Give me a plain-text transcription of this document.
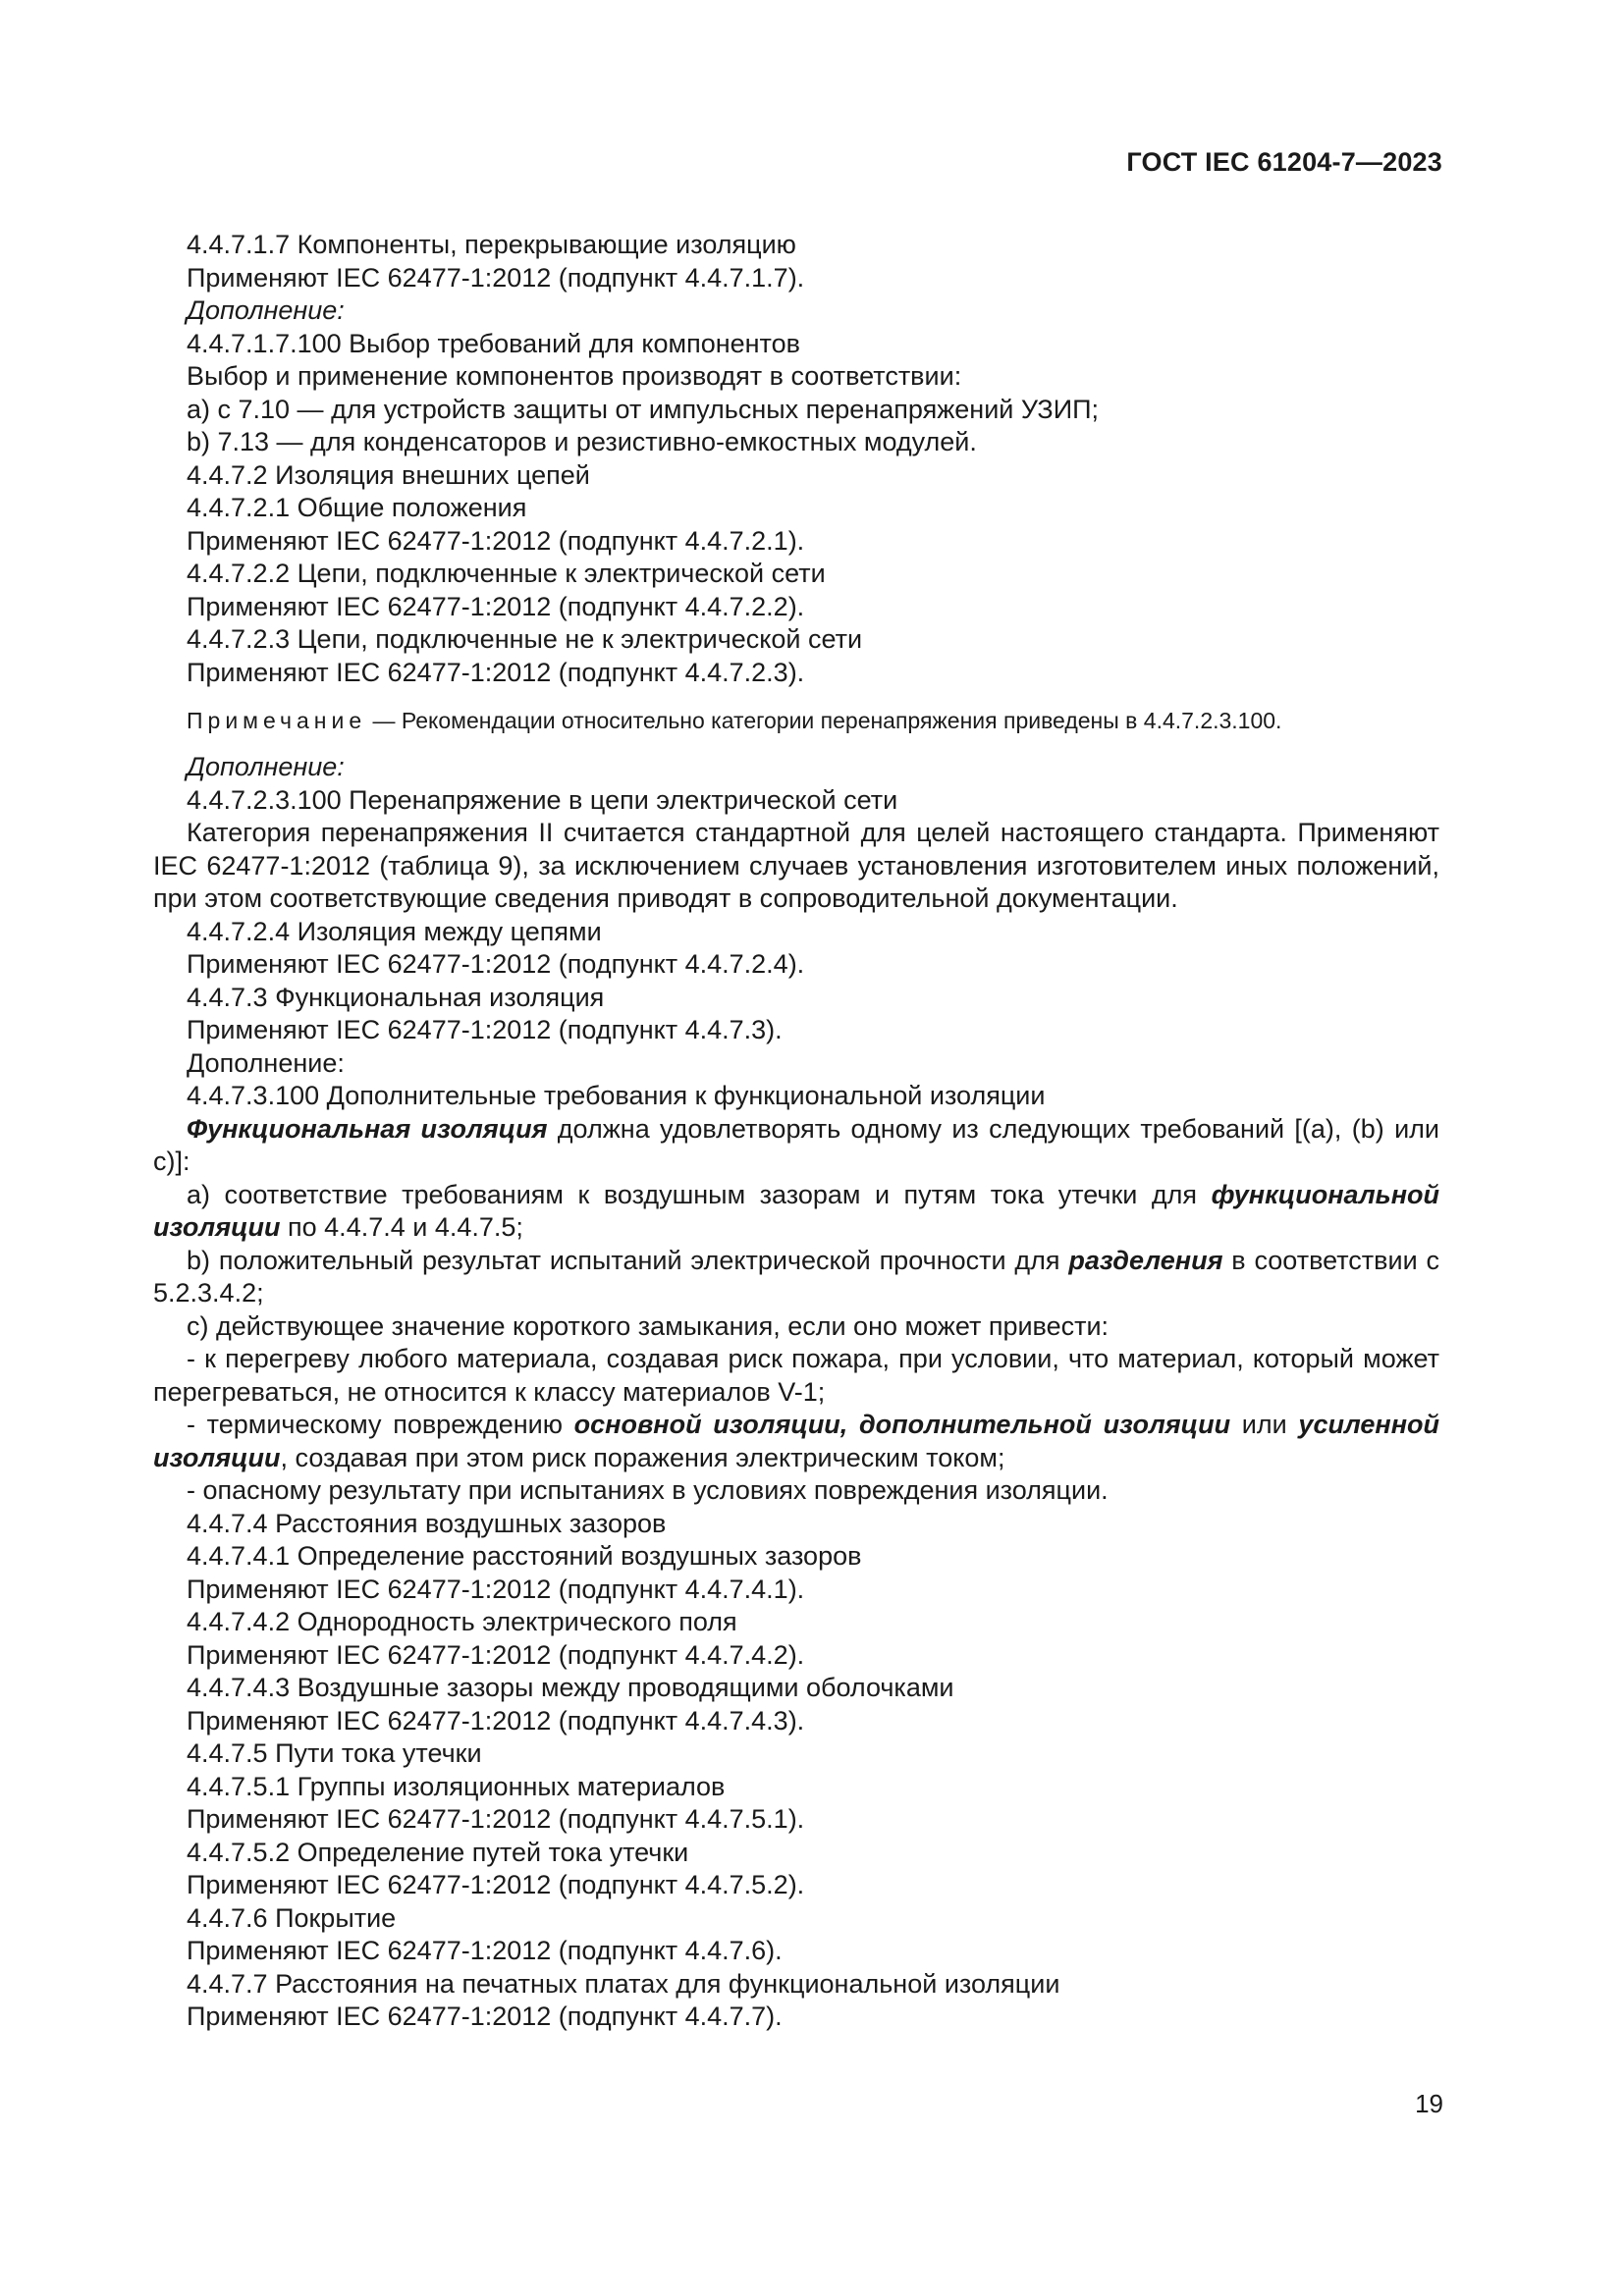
ГОСТ IEC 61204-7—2023

4.4.7.1.7 Компоненты, перекрывающие изоляцию

Применяют IEC 62477-1:2012 (подпункт 4.4.7.1.7).

Дополнение:

4.4.7.1.7.100 Выбор требований для компонентов

Выбор и применение компонентов производят в соответствии:

а) с 7.10 — для устройств защиты от импульсных перенапряжений УЗИП;

b) 7.13 — для конденсаторов и резистивно-емкостных модулей.

4.4.7.2 Изоляция внешних цепей

4.4.7.2.1 Общие положения

Применяют IEC 62477-1:2012 (подпункт 4.4.7.2.1).

4.4.7.2.2 Цепи, подключенные к электрической сети

Применяют IEC 62477-1:2012 (подпункт 4.4.7.2.2).

4.4.7.2.3 Цепи, подключенные не к электрической сети

Применяют IEC 62477-1:2012 (подпункт 4.4.7.2.3).

Примечание — Рекомендации относительно категории перенапряжения приведены в 4.4.7.2.3.100.

Дополнение:

4.4.7.2.3.100 Перенапряжение в цепи электрической сети

Категория перенапряжения II считается стандартной для целей настоящего стандарта. Применяют IEC 62477-1:2012 (таблица 9), за исключением случаев установления изготовителем иных положений, при этом соответствующие сведения приводят в сопроводительной документации.

4.4.7.2.4 Изоляция между цепями

Применяют IEC 62477-1:2012 (подпункт 4.4.7.2.4).

4.4.7.3 Функциональная изоляция

Применяют IEC 62477-1:2012 (подпункт 4.4.7.3).

Дополнение:

4.4.7.3.100 Дополнительные требования к функциональной изоляции

Функциональная изоляция должна удовлетворять одному из следующих требований [(а), (b) или с)]:

а) соответствие требованиям к воздушным зазорам и путям тока утечки для функциональной изоляции по 4.4.7.4 и 4.4.7.5;

b) положительный результат испытаний электрической прочности для разделения в соответствии с 5.2.3.4.2;

с) действующее значение короткого замыкания, если оно может привести:

- к перегреву любого материала, создавая риск пожара, при условии, что материал, который может перегреваться, не относится к классу материалов V-1;

- термическому повреждению основной изоляции, дополнительной изоляции или усиленной изоляции, создавая при этом риск поражения электрическим током;

- опасному результату при испытаниях в условиях повреждения изоляции.

4.4.7.4 Расстояния воздушных зазоров

4.4.7.4.1 Определение расстояний воздушных зазоров

Применяют IEC 62477-1:2012 (подпункт 4.4.7.4.1).

4.4.7.4.2 Однородность электрического поля

Применяют IEC 62477-1:2012 (подпункт 4.4.7.4.2).

4.4.7.4.3 Воздушные зазоры между проводящими оболочками

Применяют IEC 62477-1:2012 (подпункт 4.4.7.4.3).

4.4.7.5 Пути тока утечки

4.4.7.5.1 Группы изоляционных материалов

Применяют IEC 62477-1:2012 (подпункт 4.4.7.5.1).

4.4.7.5.2 Определение путей тока утечки

Применяют IEC 62477-1:2012 (подпункт 4.4.7.5.2).

4.4.7.6 Покрытие

Применяют IEC 62477-1:2012 (подпункт 4.4.7.6).

4.4.7.7 Расстояния на печатных платах для функциональной изоляции

Применяют IEC 62477-1:2012 (подпункт 4.4.7.7).

19
